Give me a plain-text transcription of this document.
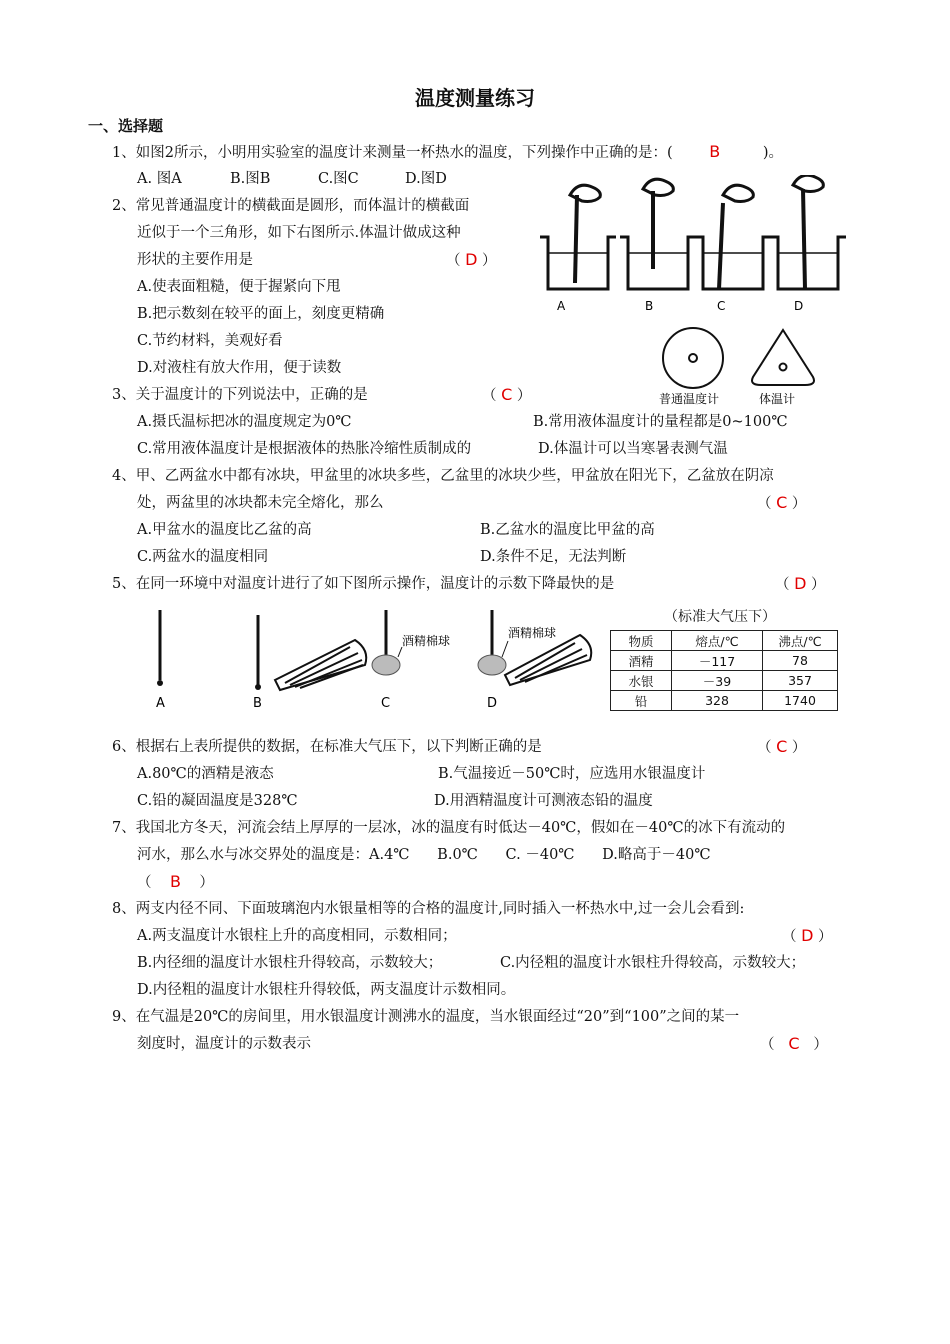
温度测量练习
一、选择题
1、如图2所示，小明用实验室的温度计来测量一杯热水的温度，下列操作中正确的是：( B	)。
A. 图A	B.图B	C.图C	D.图D
2、常见普通温度计的横截面是圆形，而体温计的横截面
近似于一个三角形，如下右图所示.体温计做成这种
形状的主要作用是	（ D ）
A.使表面粗糙，便于握紧向下甩
B.把示数刻在较平的面上，刻度更精确
C.节约材料，美观好看
D.对液柱有放大作用，便于读数
A	B	C	D
普通温度计	体温计
3、关于温度计的下列说法中，正确的是	（ C ）
A.摄氏温标把冰的温度规定为0℃	B.常用液体温度计的量程都是0~100℃
C.常用液体温度计是根据液体的热胀冷缩性质制成的	D.体温计可以当寒暑表测气温
4、甲、乙两盆水中都有冰块，甲盆里的冰块多些，乙盆里的冰块少些，甲盆放在阳光下，乙盆放在阴凉
处，两盆里的冰块都未完全熔化，那么	（ C ）
A.甲盆水的温度比乙盆的高	B.乙盆水的温度比甲盆的高
C.两盆水的温度相同	D.条件不足，无法判断
5、在同一环境中对温度计进行了如下图所示操作，温度计的示数下降最快的是	（ D ）
酒精棉球
酒精棉球
A	B	C	D
（标准大气压下）
物质	熔点/℃	沸点/℃
酒精	－117	78
水银	－39	357
铅	328	1740
6、根据右上表所提供的数据，在标准大气压下，以下判断正确的是	（ C ）
A.80℃的酒精是液态	B.气温接近－50℃时，应选用水银温度计
C.铅的凝固温度是328℃	D.用酒精温度计可测液态铅的温度
7、我国北方冬天，河流会结上厚厚的一层冰，冰的温度有时低达－40℃，假如在－40℃的冰下有流动的
河水，那么水与冰交界处的温度是：A.4℃      B.0℃      C. －40℃      D.略高于－40℃
（    B    ）
8、两支内径不同、下面玻璃泡内水银量相等的合格的温度计,同时插入一杯热水中,过一会儿会看到:
A.两支温度计水银柱上升的高度相同，示数相同；	（ D ）
B.内径细的温度计水银柱升得较高，示数较大；	C.内径粗的温度计水银柱升得较高，示数较大；
D.内径粗的温度计水银柱升得较低，两支温度计示数相同。
9、在气温是20℃的房间里，用水银温度计测沸水的温度，当水银面经过“20”到“100”之间的某一
刻度时，温度计的示数表示	（   C   ）
